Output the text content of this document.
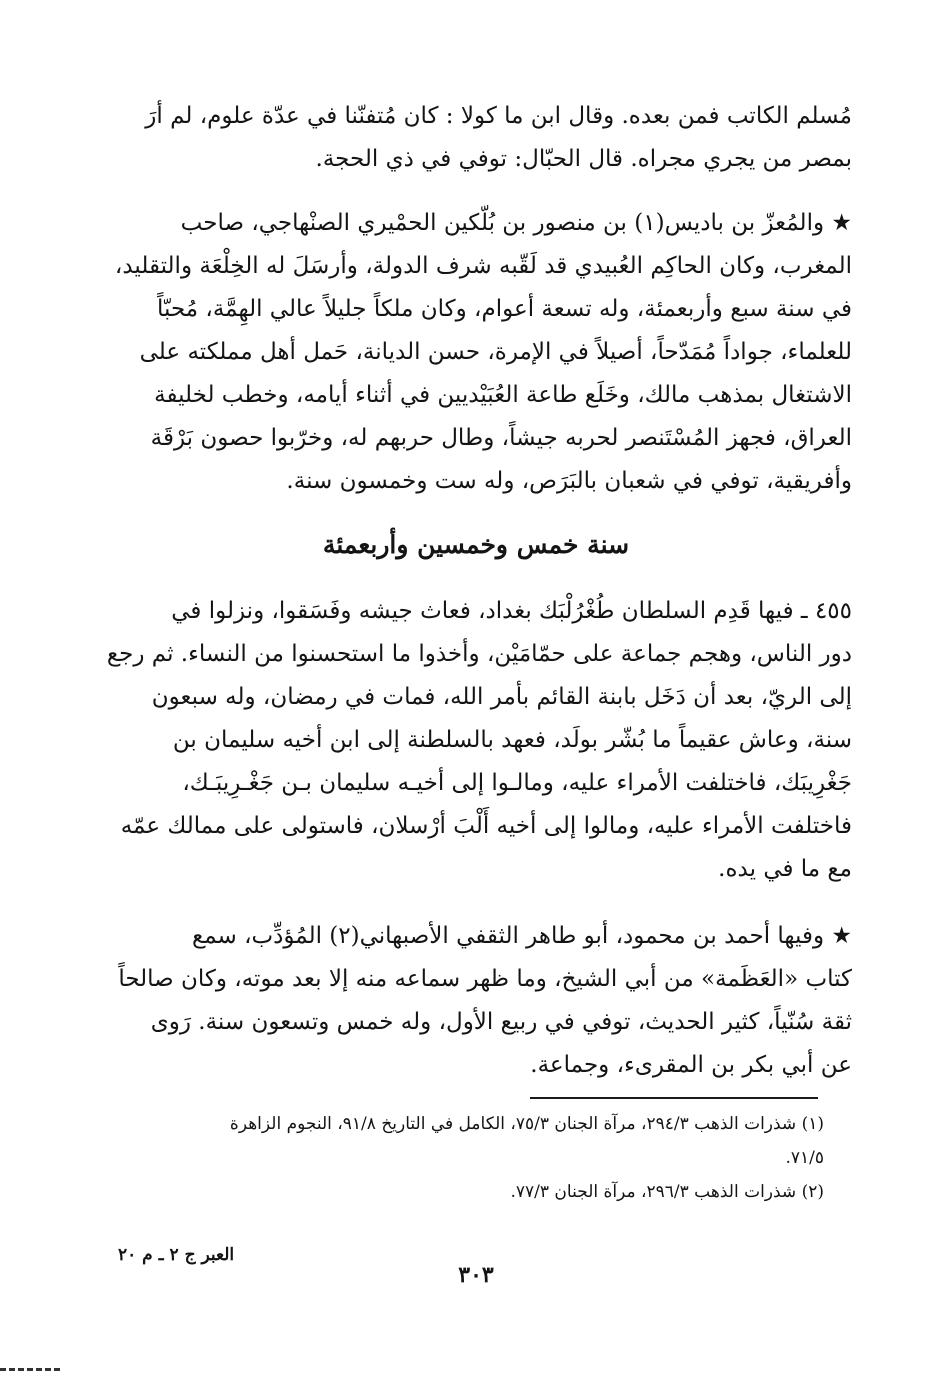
مُسلم الكاتب فمن بعده. وقال ابن ما كولا : كان مُتفنّنا في عدّة علوم، لم أرَ
بمصر من يجري مجراه. قال الحبّال: توفي في ذي الحجة.
★ والمُعزّ بن باديس(١) بن منصور بن بُلّكين الحمْيري الصنْهاجي، صاحب
المغرب، وكان الحاكِم العُبيدي قد لَقّبه شرف الدولة، وأرسَلَ له الخِلْعَة والتقليد،
في سنة سبع وأربعمئة، وله تسعة أعوام، وكان ملكاً جليلاً عالي الهِمَّة، مُحبّاً
للعلماء، جواداً مُمَدّحاً، أصيلاً في الإمرة، حسن الديانة، حَمل أهل مملكته على
الاشتغال بمذهب مالك، وخَلَع طاعة العُبَيْديين في أثناء أيامه، وخطب لخليفة
العراق، فجهز المُسْتَنصر لحربه جيشاً، وطال حربهم له، وخرّبوا حصون بَرْقَة
وأفريقية، توفي في شعبان بالبَرَص، وله ست وخمسون سنة.
سنة خمس وخمسين وأربعمئة
٤٥٥ ـ فيها قَدِم السلطان طُغْرُلْبَك بغداد، فعاث جيشه وفَسَقوا، ونزلوا في
دور الناس، وهجم جماعة على حمّامَيْن، وأخذوا ما استحسنوا من النساء. ثم رجع
إلى الريّ، بعد أن دَخَل بابنة القائم بأمر الله، فمات في رمضان، وله سبعون
سنة، وعاش عقيماً ما بُشّر بولَد، فعهد بالسلطنة إلى ابن أخيه سليمان بن
جَغْرِيبَك، فاختلفت الأمراء عليه، ومالـوا إلى أخيـه سليمان بـن جَغْـرِيبَـك،
فاختلفت الأمراء عليه، ومالوا إلى أخيه أَلْبَ أرْسلان، فاستولى على ممالك عمّه
مع ما في يده.
★ وفيها أحمد بن محمود، أبو طاهر الثقفي الأصبهاني(٢) المُؤدِّب، سمع
كتاب «العَظَمة» من أبي الشيخ، وما ظهر سماعه منه إلا بعد موته، وكان صالحاً
ثقة سُنّياً، كثير الحديث، توفي في ربيع الأول، وله خمس وتسعون سنة. رَوى
عن أبي بكر بن المقرىء، وجماعة.
(١) شذرات الذهب ٢٩٤/٣، مرآة الجنان ٧٥/٣، الكامل في التاريخ ٩١/٨، النجوم الزاهرة
٧١/٥.
(٢) شذرات الذهب ٢٩٦/٣، مرآة الجنان ٧٧/٣.
العبر ج ٢ ـ م ٢٠
٣٠٣
